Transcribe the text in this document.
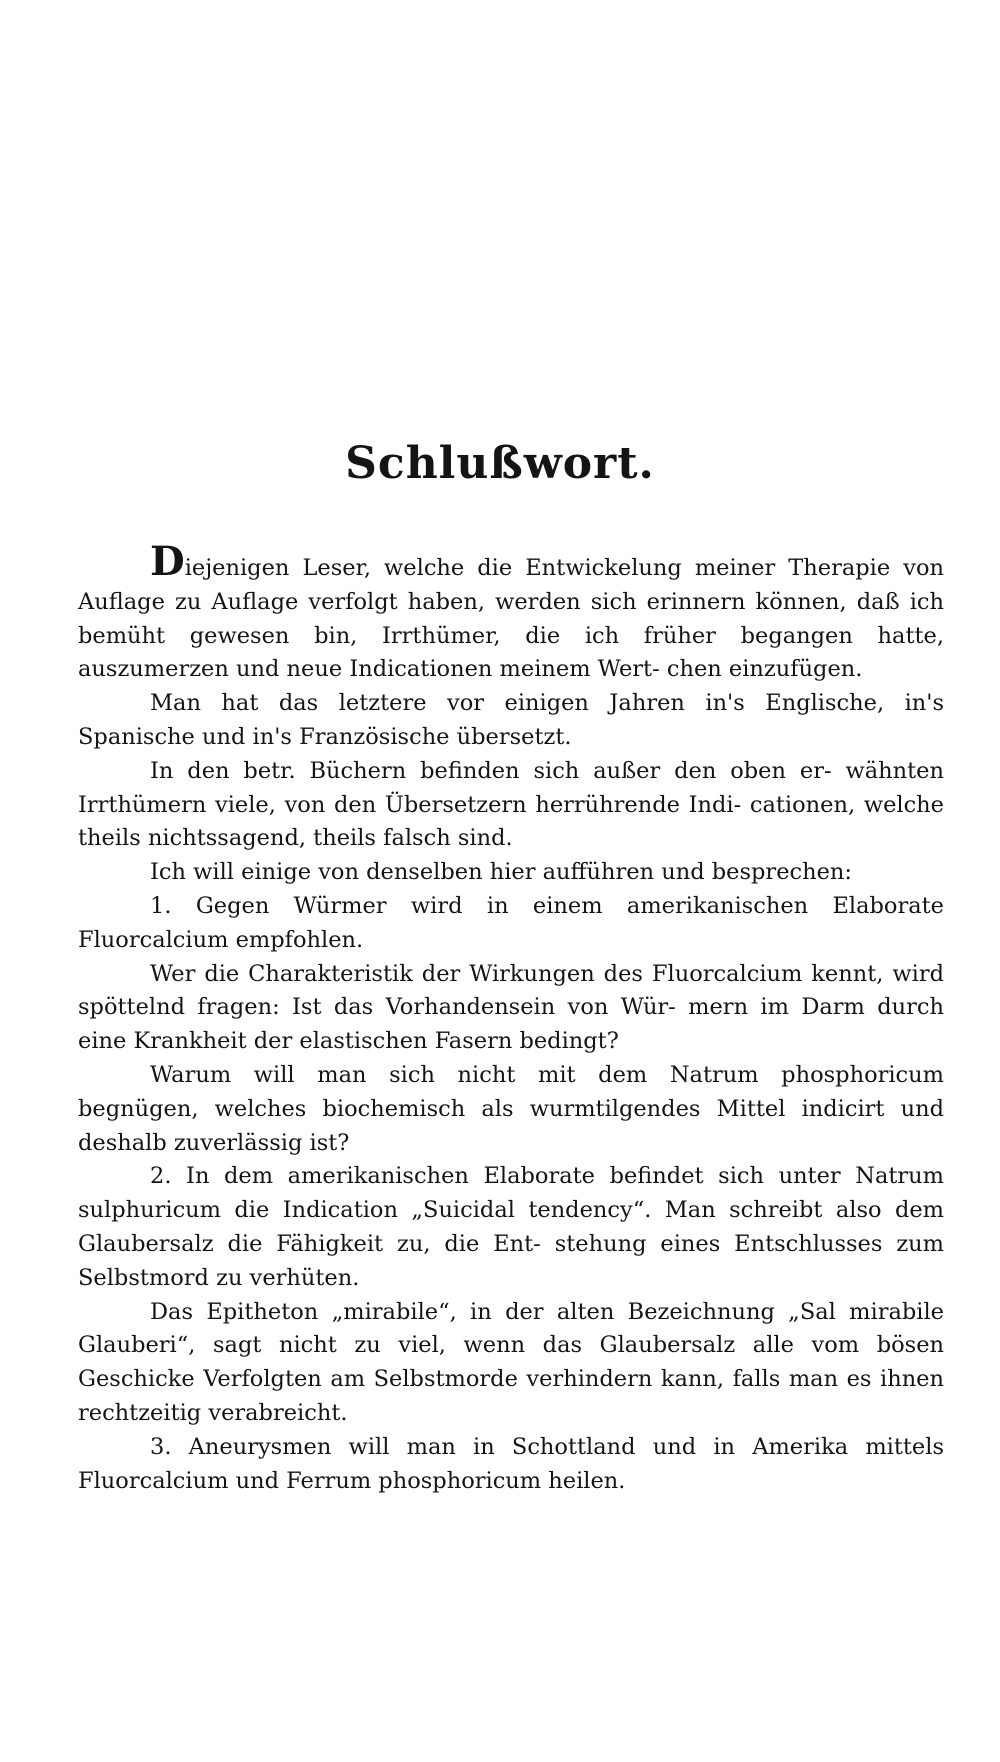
Schlußwort.

Diejenigen Leser, welche die Entwickelung meiner Therapie von Auflage zu Auflage verfolgt haben, werden sich erinnern können, daß ich bemüht gewesen bin, Irrthümer, die ich früher begangen hatte, auszumerzen und neue Indicationen meinem Wert- chen einzufügen.

Man hat das letztere vor einigen Jahren in's Englische, in's Spanische und in's Französische übersetzt.

In den betr. Büchern befinden sich außer den oben er- wähnten Irrthümern viele, von den Übersetzern herrührende Indi- cationen, welche theils nichtssagend, theils falsch sind.

Ich will einige von denselben hier aufführen und besprechen:

1. Gegen Würmer wird in einem amerikanischen Elaborate Fluorcalcium empfohlen.

Wer die Charakteristik der Wirkungen des Fluorcalcium kennt, wird spöttelnd fragen: Ist das Vorhandensein von Wür- mern im Darm durch eine Krankheit der elastischen Fasern bedingt?

Warum will man sich nicht mit dem Natrum phosphoricum begnügen, welches biochemisch als wurmtilgendes Mittel indicirt und deshalb zuverlässig ist?

2. In dem amerikanischen Elaborate befindet sich unter Natrum sulphuricum die Indication „Suicidal tendency“. Man schreibt also dem Glaubersalz die Fähigkeit zu, die Ent- stehung eines Entschlusses zum Selbstmord zu verhüten.

Das Epitheton „mirabile“, in der alten Bezeichnung „Sal mirabile Glauberi“, sagt nicht zu viel, wenn das Glaubersalz alle vom bösen Geschicke Verfolgten am Selbstmorde verhindern kann, falls man es ihnen rechtzeitig verabreicht.

3. Aneurysmen will man in Schottland und in Amerika mittels Fluorcalcium und Ferrum phosphoricum heilen.
